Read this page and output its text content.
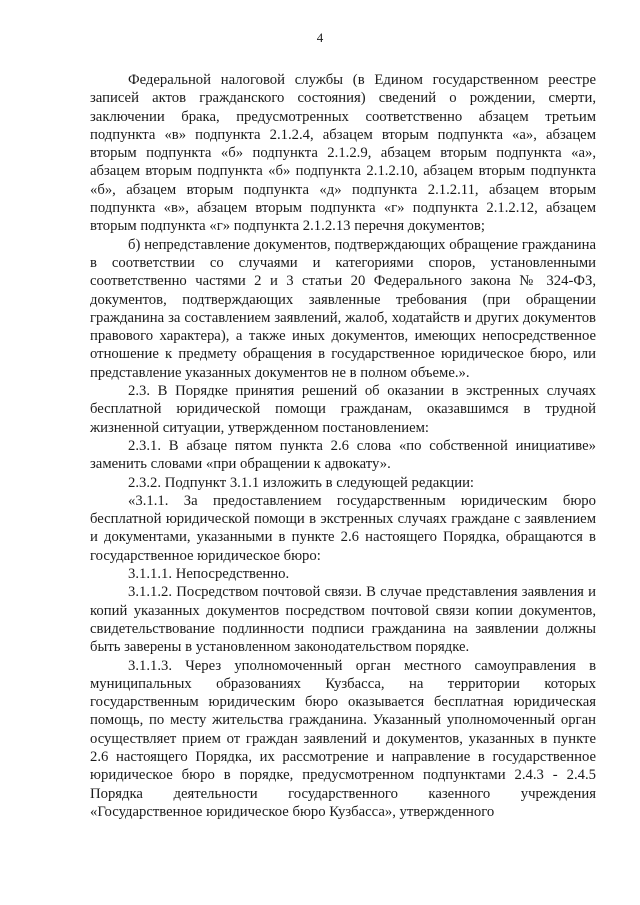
4

Федеральной налоговой службы (в Едином государственном реестре записей актов гражданского состояния) сведений о рождении, смерти, заключении брака, предусмотренных соответственно абзацем третьим подпункта «в» подпункта 2.1.2.4, абзацем вторым подпункта «а», абзацем вторым подпункта «б» подпункта 2.1.2.9, абзацем вторым подпункта «а», абзацем вторым подпункта «б» подпункта 2.1.2.10, абзацем вторым подпункта «б», абзацем вторым подпункта «д» подпункта 2.1.2.11, абзацем вторым подпункта «в», абзацем вторым подпункта «г» подпункта 2.1.2.12, абзацем вторым подпункта «г» подпункта 2.1.2.13 перечня документов;

б) непредставление документов, подтверждающих обращение гражданина в соответствии со случаями и категориями споров, установленными соответственно частями 2 и 3 статьи 20 Федерального закона № 324-ФЗ, документов, подтверждающих заявленные требования (при обращении гражданина за составлением заявлений, жалоб, ходатайств и других документов правового характера), а также иных документов, имеющих непосредственное отношение к предмету обращения в государственное юридическое бюро, или представление указанных документов не в полном объеме.».

2.3. В Порядке принятия решений об оказании в экстренных случаях бесплатной юридической помощи гражданам, оказавшимся в трудной жизненной ситуации, утвержденном постановлением:

2.3.1. В абзаце пятом пункта 2.6 слова «по собственной инициативе» заменить словами «при обращении к адвокату».

2.3.2. Подпункт 3.1.1 изложить в следующей редакции:

«3.1.1. За предоставлением государственным юридическим бюро бесплатной юридической помощи в экстренных случаях граждане с заявлением и документами, указанными в пункте 2.6 настоящего Порядка, обращаются в государственное юридическое бюро:

3.1.1.1. Непосредственно.

3.1.1.2. Посредством почтовой связи. В случае представления заявления и копий указанных документов посредством почтовой связи копии документов, свидетельствование подлинности подписи гражданина на заявлении должны быть заверены в установленном законодательством порядке.

3.1.1.3. Через уполномоченный орган местного самоуправления в муниципальных образованиях Кузбасса, на территории которых государственным юридическим бюро оказывается бесплатная юридическая помощь, по месту жительства гражданина. Указанный уполномоченный орган осуществляет прием от граждан заявлений и документов, указанных в пункте 2.6 настоящего Порядка, их рассмотрение и направление в государственное юридическое бюро в порядке, предусмотренном подпунктами 2.4.3 - 2.4.5 Порядка деятельности государственного казенного учреждения «Государственное юридическое бюро Кузбасса», утвержденного
